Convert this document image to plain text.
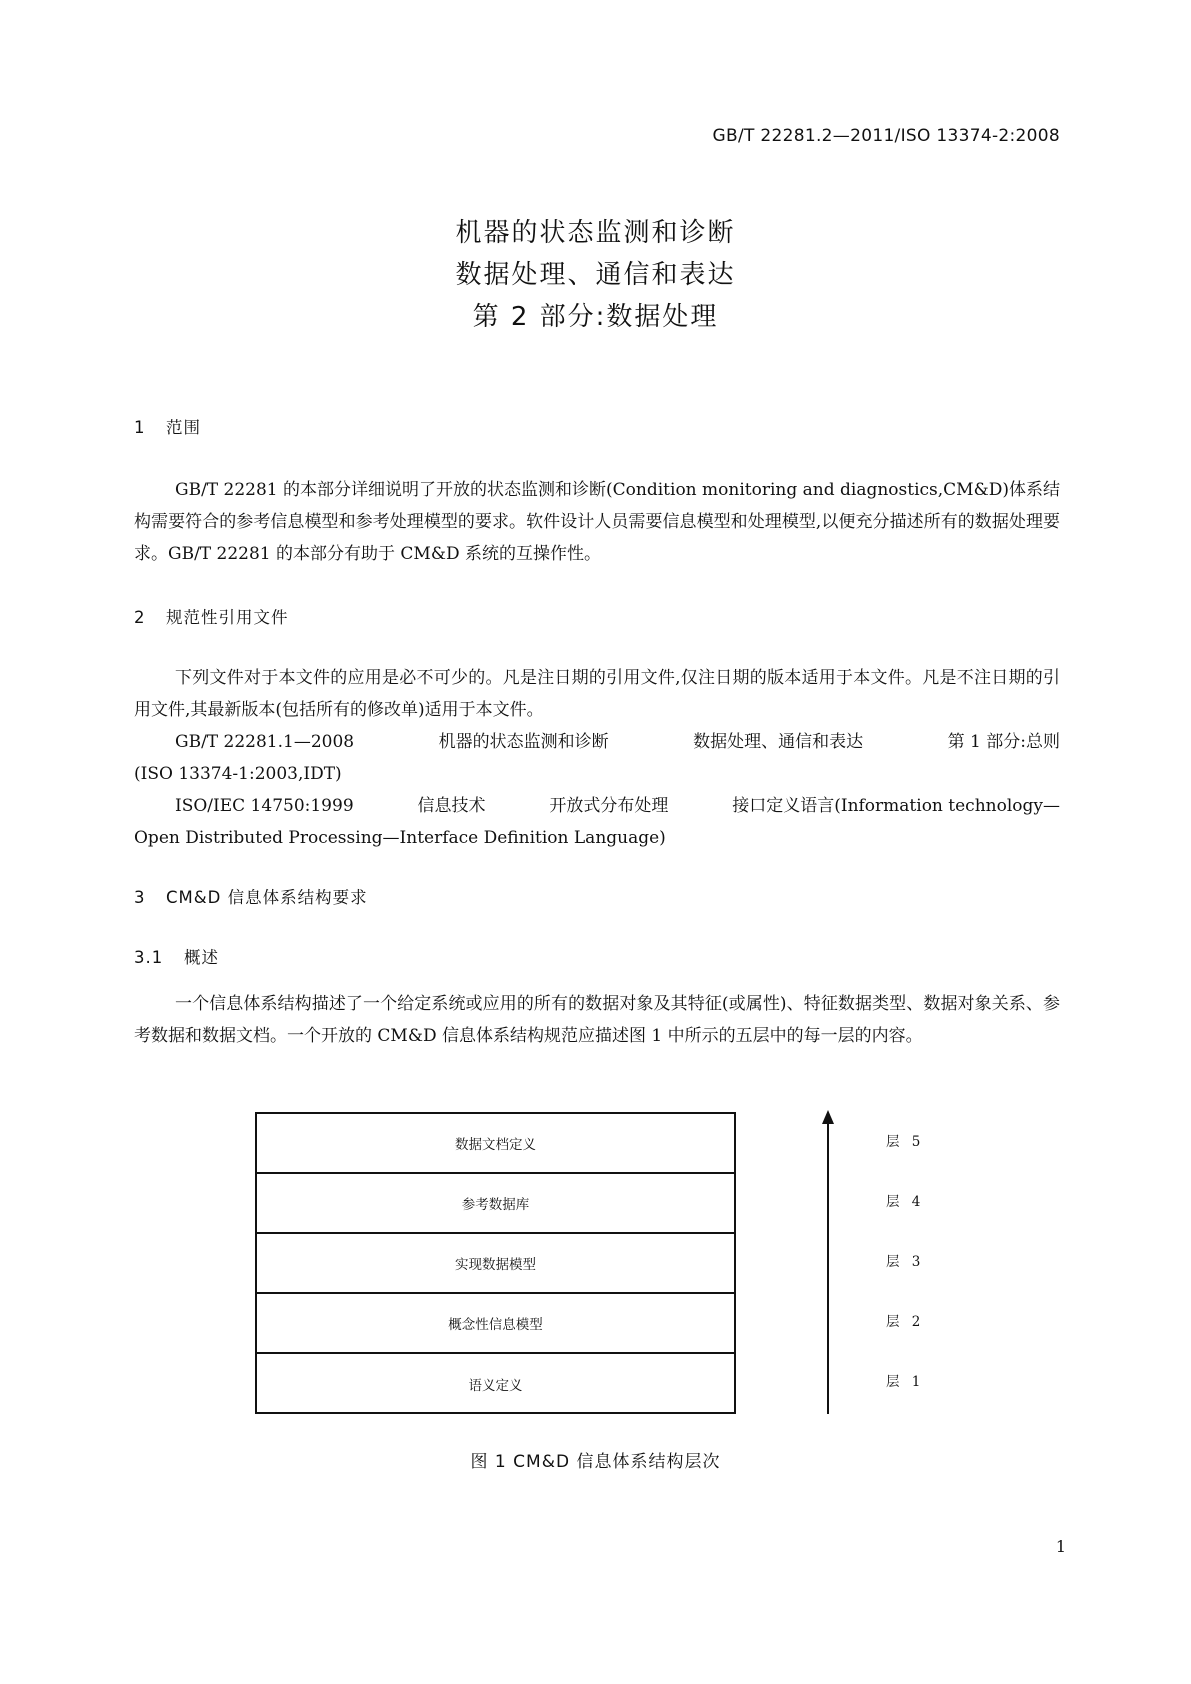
GB/T 22281.2—2011/ISO 13374-2:2008
机器的状态监测和诊断
数据处理、通信和表达
第 2 部分:数据处理
1 范围

GB/T 22281 的本部分详细说明了开放的状态监测和诊断(Condition monitoring and diagnostics,CM&D)体系结构需要符合的参考信息模型和参考处理模型的要求。软件设计人员需要信息模型和处理模型,以便充分描述所有的数据处理要求。GB/T 22281 的本部分有助于 CM&D 系统的互操作性。

2 规范性引用文件

下列文件对于本文件的应用是必不可少的。凡是注日期的引用文件,仅注日期的版本适用于本文件。凡是不注日期的引用文件,其最新版本(包括所有的修改单)适用于本文件。

GB/T 22281.1—2008	机器的状态监测和诊断	数据处理、通信和表达	第 1 部分:总则

(ISO 13374-1:2003,IDT)

ISO/IEC 14750:1999	信息技术	开放式分布处理	接口定义语言(Information technology—

Open Distributed Processing—Interface Definition Language)

3 CM&D 信息体系结构要求
3.1 概述

一个信息体系结构描述了一个给定系统或应用的所有的数据对象及其特征(或属性)、特征数据类型、数据对象关系、参考数据和数据文档。一个开放的 CM&D 信息体系结构规范应描述图 1 中所示的五层中的每一层的内容。

数据文档定义
参考数据库
实现数据模型
概念性信息模型
语义定义
层 5
层 4
层 3
层 2
层 1
图 1 CM&D 信息体系结构层次
1
